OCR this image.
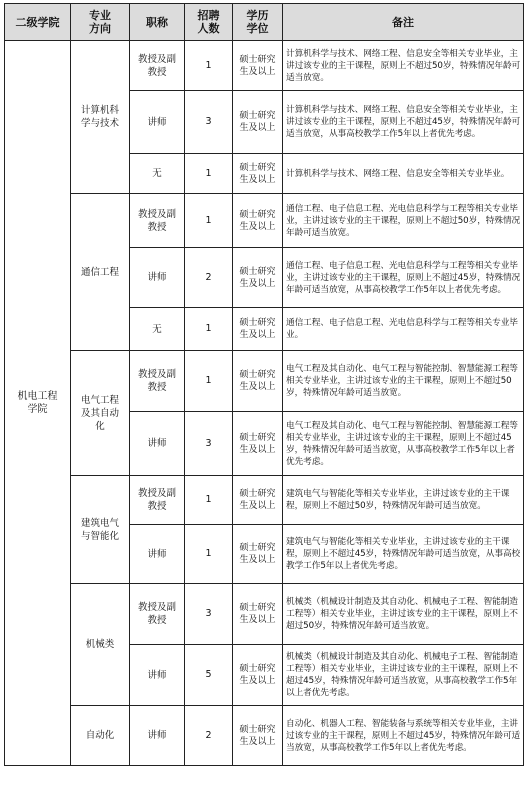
二级学院	专业方向	职称	招聘人数	学历学位	备注
机电工程学院	计算机科学与技术	教授及副教授	1	硕士研究生及以上	计算机科学与技术、网络工程、信息安全等相关专业毕业，主讲过该专业的主干课程，原则上不超过50岁，特殊情况年龄可适当放宽。
		讲师	3	硕士研究生及以上	计算机科学与技术、网络工程、信息安全等相关专业毕业，主讲过该专业的主干课程，原则上不超过45岁，特殊情况年龄可适当放宽，从事高校教学工作5年以上者优先考虑。
		无	1	硕士研究生及以上	计算机科学与技术、网络工程、信息安全等相关专业毕业。
	通信工程	教授及副教授	1	硕士研究生及以上	通信工程、电子信息工程、光电信息科学与工程等相关专业毕业，主讲过该专业的主干课程，原则上不超过50岁，特殊情况年龄可适当放宽。
		讲师	2	硕士研究生及以上	通信工程、电子信息工程、光电信息科学与工程等相关专业毕业，主讲过该专业的主干课程，原则上不超过45岁，特殊情况年龄可适当放宽，从事高校教学工作5年以上者优先考虑。
		无	1	硕士研究生及以上	通信工程、电子信息工程、光电信息科学与工程等相关专业毕业。
	电气工程及其自动化	教授及副教授	1	硕士研究生及以上	电气工程及其自动化、电气工程与智能控制、智慧能源工程等相关专业毕业，主讲过该专业的主干课程，原则上不超过50岁，特殊情况年龄可适当放宽。
		讲师	3	硕士研究生及以上	电气工程及其自动化、电气工程与智能控制、智慧能源工程等相关专业毕业，主讲过该专业的主干课程，原则上不超过45岁，特殊情况年龄可适当放宽，从事高校教学工作5年以上者优先考虑。
	建筑电气与智能化	教授及副教授	1	硕士研究生及以上	建筑电气与智能化等相关专业毕业，主讲过该专业的主干课程，原则上不超过50岁，特殊情况年龄可适当放宽。
		讲师	1	硕士研究生及以上	建筑电气与智能化等相关专业毕业，主讲过该专业的主干课程，原则上不超过45岁，特殊情况年龄可适当放宽，从事高校教学工作5年以上者优先考虑。
	机械类	教授及副教授	3	硕士研究生及以上	机械类（机械设计制造及其自动化、机械电子工程、智能制造工程等）相关专业毕业，主讲过该专业的主干课程，原则上不超过50岁，特殊情况年龄可适当放宽。
		讲师	5	硕士研究生及以上	机械类（机械设计制造及其自动化、机械电子工程、智能制造工程等）相关专业毕业，主讲过该专业的主干课程，原则上不超过45岁，特殊情况年龄可适当放宽，从事高校教学工作5年以上者优先考虑。
	自动化	讲师	2	硕士研究生及以上	自动化、机器人工程、智能装备与系统等相关专业毕业，主讲过该专业的主干课程，原则上不超过45岁，特殊情况年龄可适当放宽，从事高校教学工作5年以上者优先考虑。
